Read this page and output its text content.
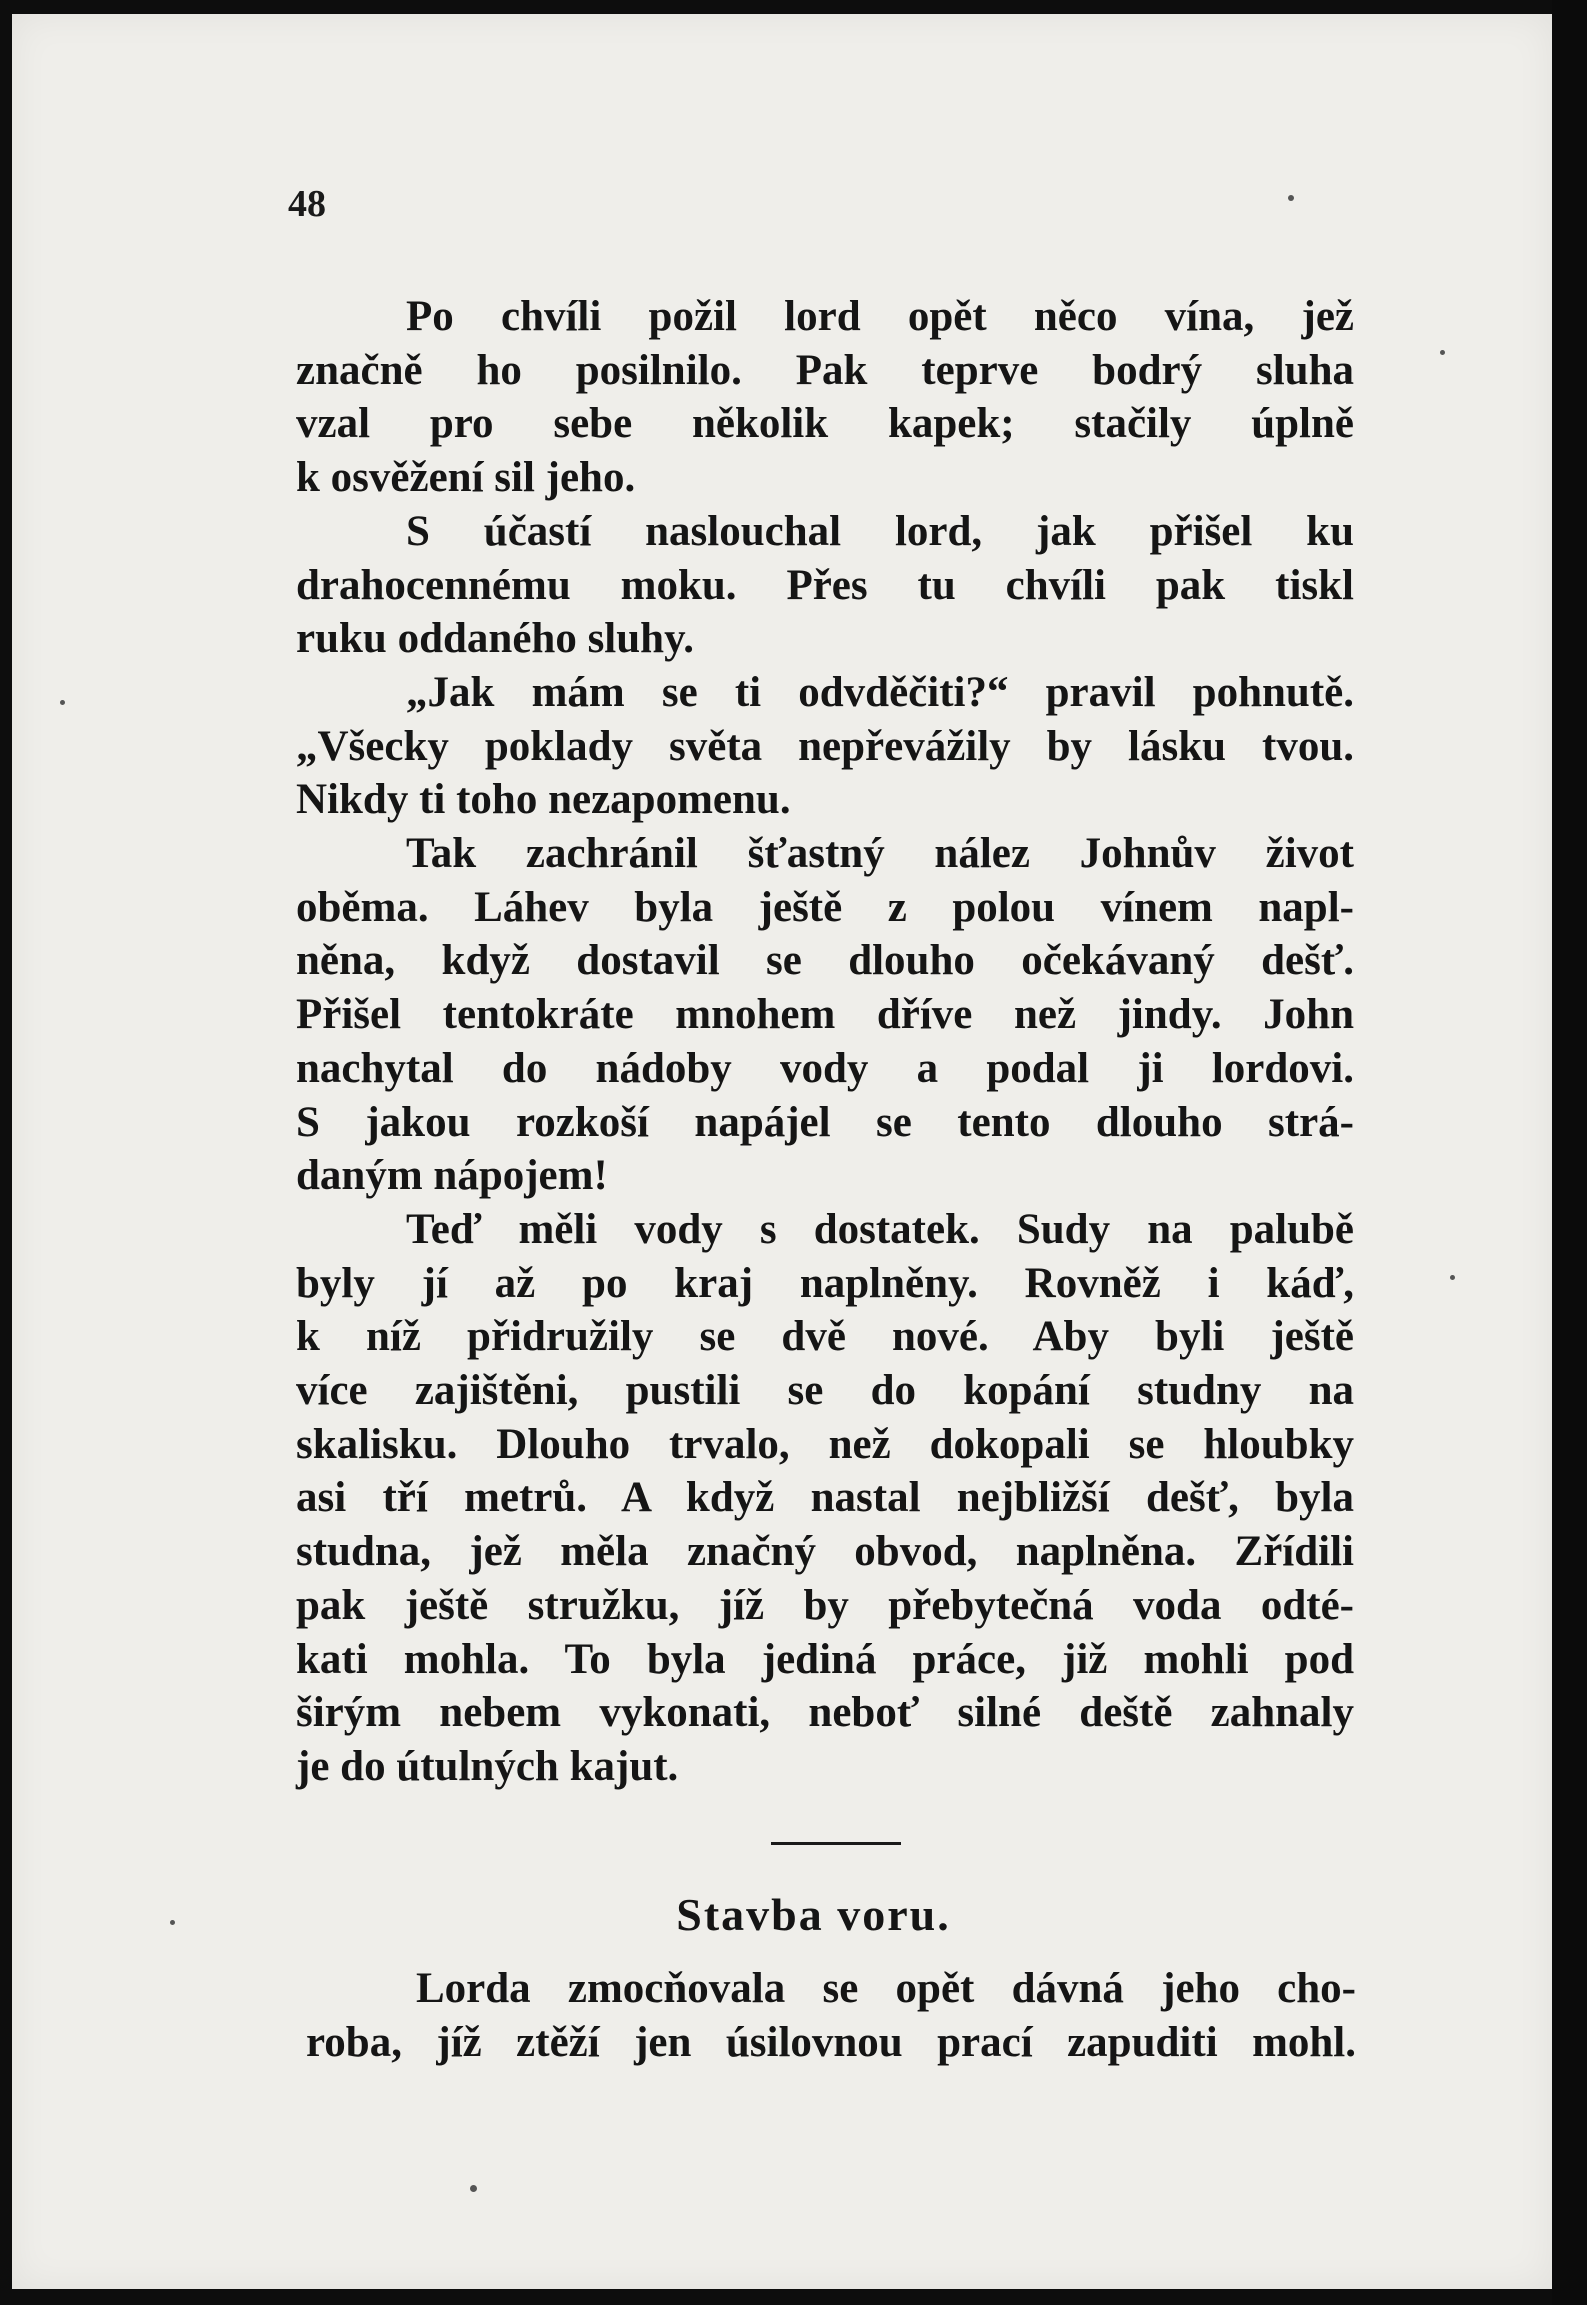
48
Po chvíli požil lord opět něco vína, jež
značně ho posilnilo. Pak teprve bodrý sluha
vzal pro sebe několik kapek; stačily úplně
k osvěžení sil jeho.
S účastí naslouchal lord, jak přišel ku
drahocennému moku. Přes tu chvíli pak tiskl
ruku oddaného sluhy.
„Jak mám se ti odvděčiti?“ pravil pohnutě.
„Všecky poklady světa nepřevážily by lásku tvou.
Nikdy ti toho nezapomenu.
Tak zachránil šťastný nález Johnův život
oběma. Láhev byla ještě z polou vínem napl-
něna, když dostavil se dlouho očekávaný dešť.
Přišel tentokráte mnohem dříve než jindy. John
nachytal do nádoby vody a podal ji lordovi.
S jakou rozkoší napájel se tento dlouho strá-
daným nápojem!
Teď měli vody s dostatek. Sudy na palubě
byly jí až po kraj naplněny. Rovněž i káď,
k níž přidružily se dvě nové. Aby byli ještě
více zajištěni, pustili se do kopání studny na
skalisku. Dlouho trvalo, než dokopali se hloubky
asi tří metrů. A když nastal nejbližší dešť, byla
studna, jež měla značný obvod, naplněna. Zřídili
pak ještě stružku, jíž by přebytečná voda odté-
kati mohla. To byla jediná práce, již mohli pod
širým nebem vykonati, neboť silné deště zahnaly
je do útulných kajut.
Stavba voru.
Lorda zmocňovala se opět dávná jeho cho-
roba, jíž ztěží jen úsilovnou prací zapuditi mohl.
